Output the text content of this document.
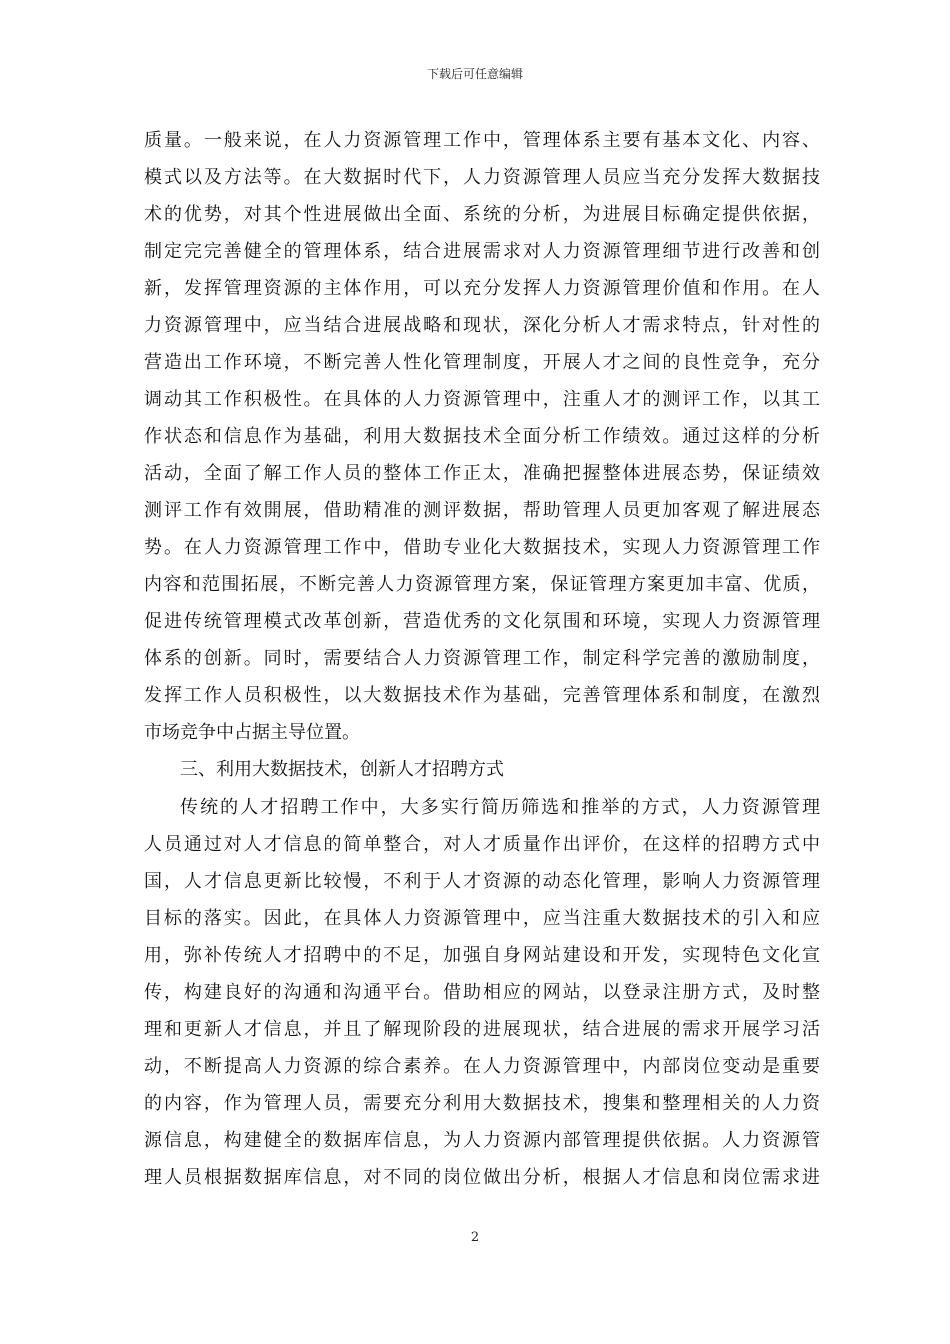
下载后可任意编辑
质量。一般来说，在人力资源管理工作中，管理体系主要有基本文化、内容、
模式以及方法等。在大数据时代下，人力资源管理人员应当充分发挥大数据技
术的优势，对其个性进展做出全面、系统的分析，为进展目标确定提供依据，
制定完完善健全的管理体系，结合进展需求对人力资源管理细节进行改善和创
新，发挥管理资源的主体作用，可以充分发挥人力资源管理价值和作用。在人
力资源管理中，应当结合进展战略和现状，深化分析人才需求特点，针对性的
营造出工作环境，不断完善人性化管理制度，开展人才之间的良性竞争，充分
调动其工作积极性。在具体的人力资源管理中，注重人才的测评工作，以其工
作状态和信息作为基础，利用大数据技术全面分析工作绩效。通过这样的分析
活动，全面了解工作人员的整体工作正太，准确把握整体进展态势，保证绩效
测评工作有效開展，借助精准的测评数据，帮助管理人员更加客观了解进展态
势。在人力资源管理工作中，借助专业化大数据技术，实现人力资源管理工作
内容和范围拓展，不断完善人力资源管理方案，保证管理方案更加丰富、优质，
促进传统管理模式改革创新，营造优秀的文化氛围和环境，实现人力资源管理
体系的创新。同时，需要结合人力资源管理工作，制定科学完善的激励制度，
发挥工作人员积极性，以大数据技术作为基础，完善管理体系和制度，在激烈
市场竞争中占据主导位置。
三、利用大数据技术，创新人才招聘方式
传统的人才招聘工作中，大多实行简历筛选和推举的方式，人力资源管理
人员通过对人才信息的简单整合，对人才质量作出评价，在这样的招聘方式中
国，人才信息更新比较慢，不利于人才资源的动态化管理，影响人力资源管理
目标的落实。因此，在具体人力资源管理中，应当注重大数据技术的引入和应
用，弥补传统人才招聘中的不足，加强自身网站建设和开发，实现特色文化宣
传，构建良好的沟通和沟通平台。借助相应的网站，以登录注册方式，及时整
理和更新人才信息，并且了解现阶段的进展现状，结合进展的需求开展学习活
动，不断提高人力资源的综合素养。在人力资源管理中，内部岗位变动是重要
的内容，作为管理人员，需要充分利用大数据技术，搜集和整理相关的人力资
源信息，构建健全的数据库信息，为人力资源内部管理提供依据。人力资源管
理人员根据数据库信息，对不同的岗位做出分析，根据人才信息和岗位需求进
2
